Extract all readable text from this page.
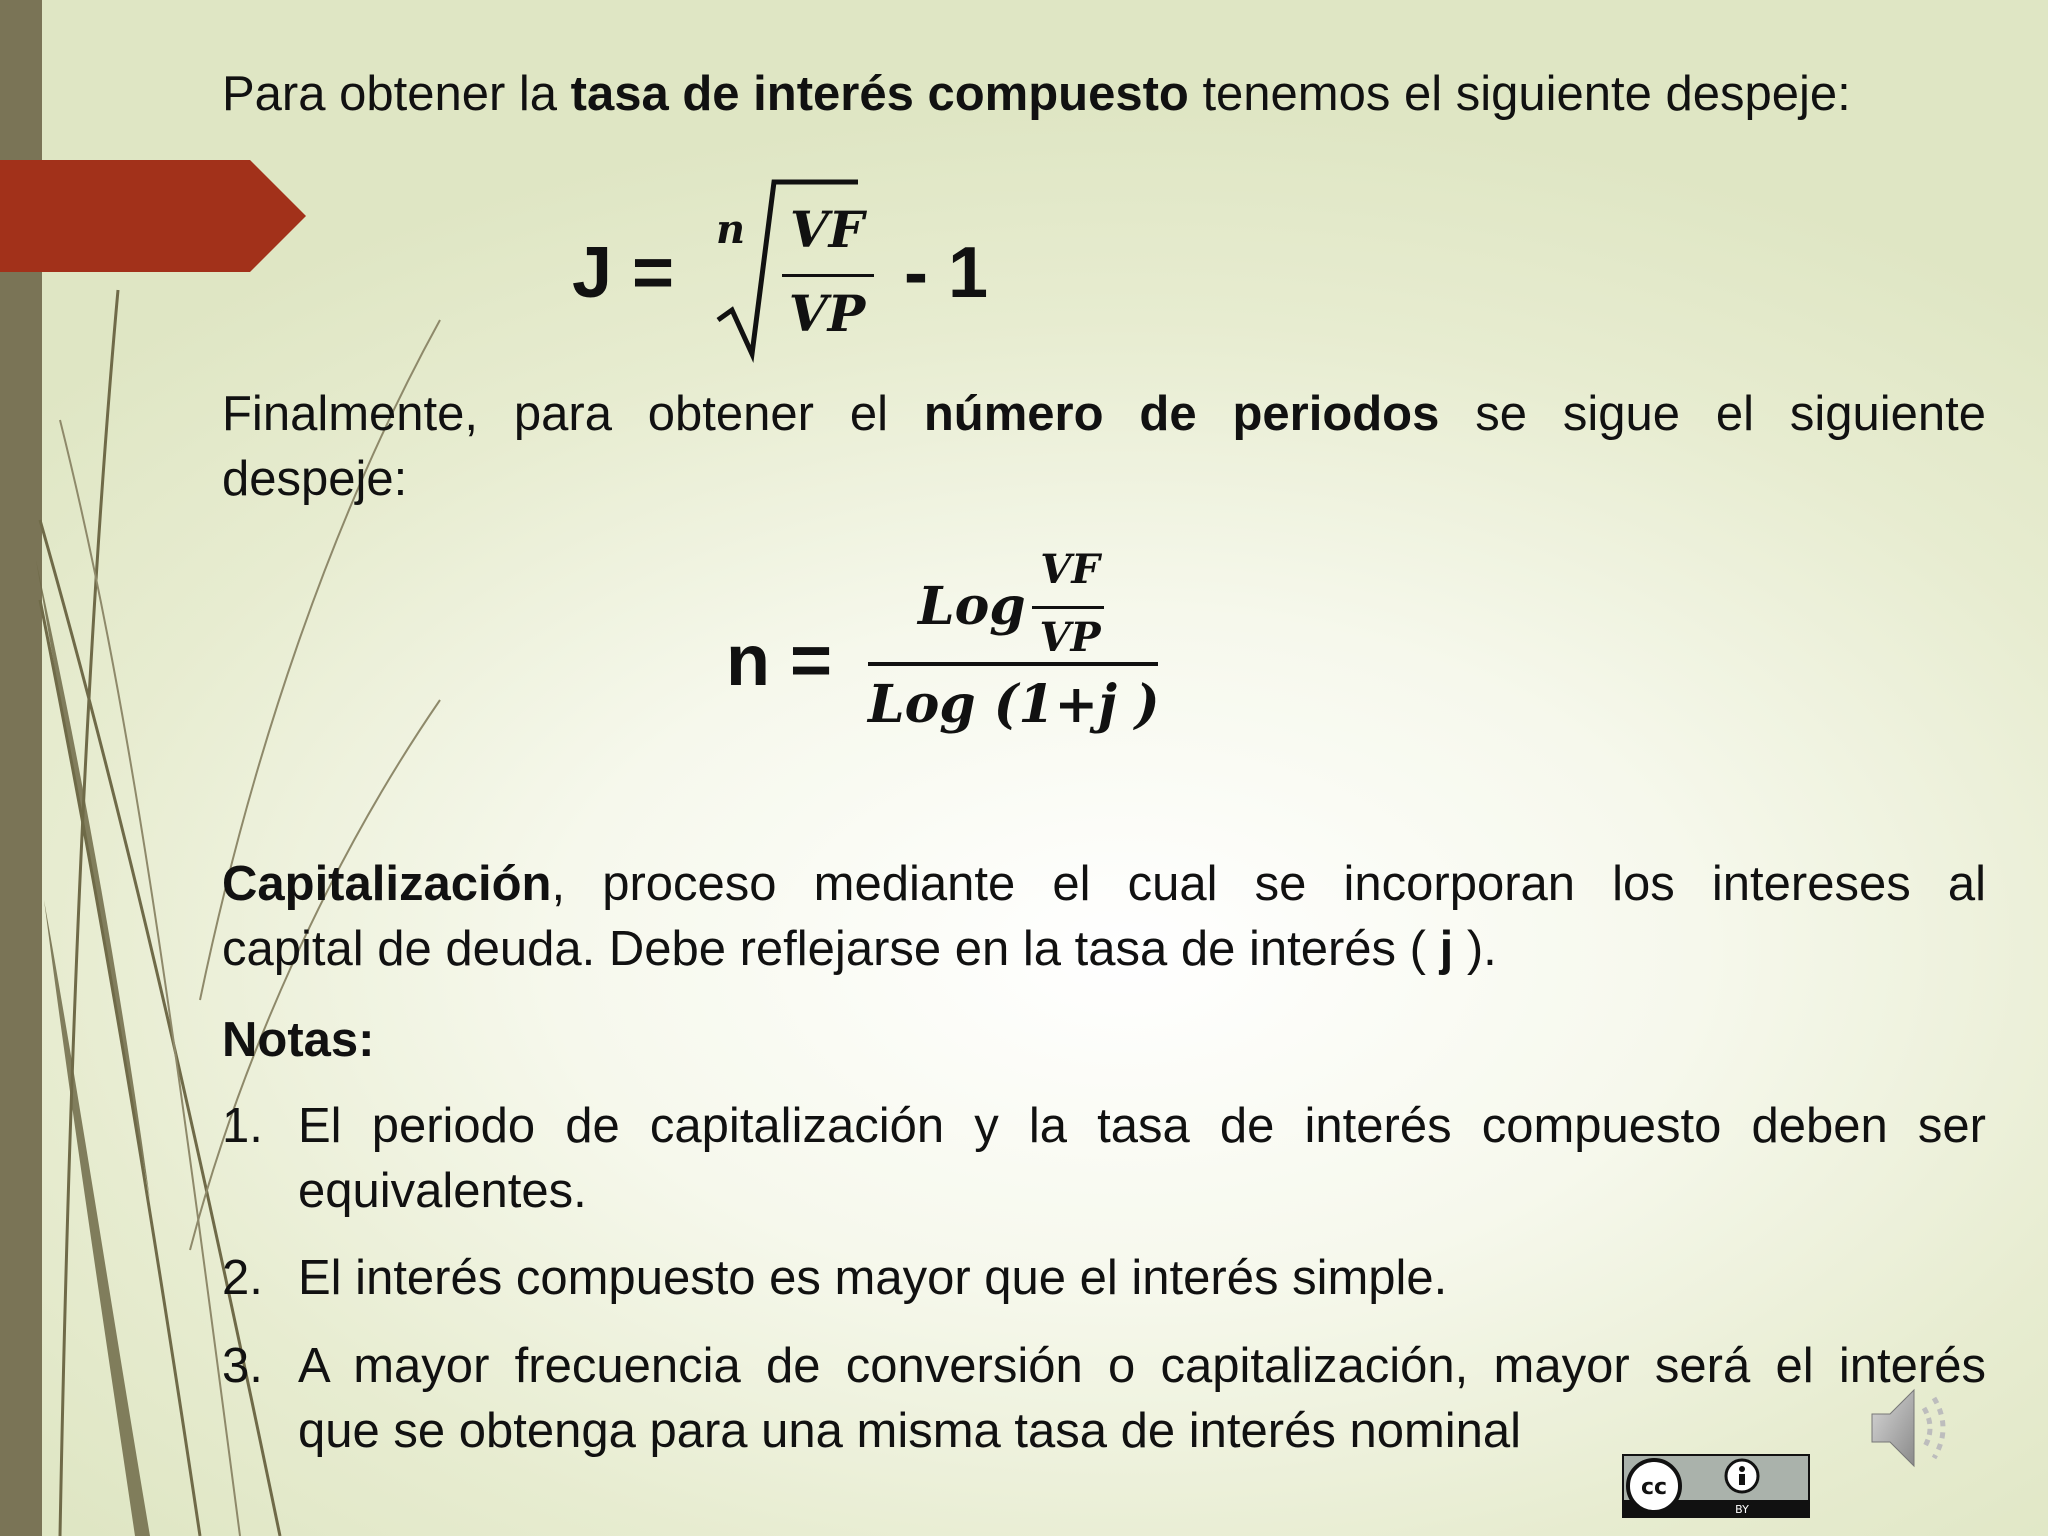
Para obtener la tasa de interés compuesto tenemos el siguiente despeje:

J =
n VF
VP
- 1

Finalmente, para obtener el número de periodos se sigue el siguiente
despeje:

n =
Log
VF
VP
Log (1+j )

Capitalización, proceso mediante el cual se incorporan los intereses al
capital de deuda. Debe reflejarse en la tasa de interés ( j ).

Notas:

1. El periodo de capitalización y la tasa de interés compuesto deben ser
equivalentes.
2. El interés compuesto es mayor que el interés simple.
3. A mayor frecuencia de conversión o capitalización, mayor será el interés
que se obtenga para una misma tasa de interés nominal
cc
BY
